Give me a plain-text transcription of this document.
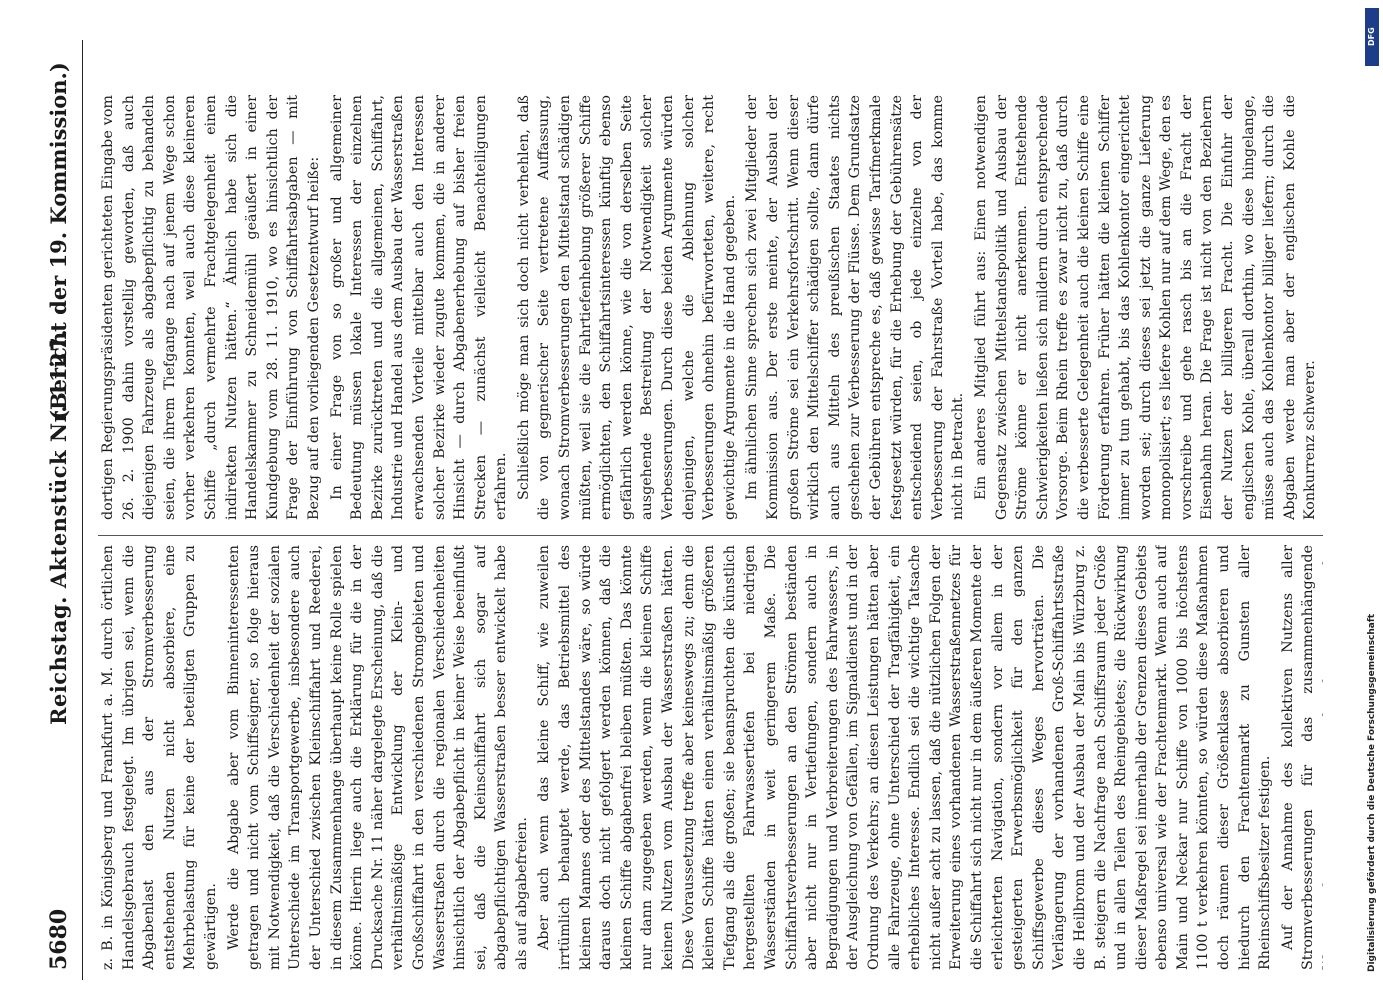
5680
Reichstag. Aktenstück Nr. 1127.
(Bericht der 19. Kommission.)

z. B. in Königsberg und Frankfurt a. M. durch örtlichen Handelsgebrauch festgelegt. Im übrigen sei, wenn die Abgabenlast den aus der Stromverbesserung entstehenden Nutzen nicht absorbiere, eine Mehrbelastung für keine der beteiligten Gruppen zu gewärtigen. Werde die Abgabe aber vom Binneninteressenten getragen und nicht vom Schiffseigner, so folge hieraus mit Notwendigkeit, daß die Verschiedenheit der sozialen Unterschiede im Transportgewerbe, insbesondere auch der Unterschied zwischen Kleinschiffahrt und Reederei, in diesem Zusammenhange überhaupt keine Rolle spielen könne. Hierin liege auch die Erklärung für die in der Drucksache Nr. 11 näher dargelegte Erscheinung, daß die verhältnismäßige Entwicklung der Klein- und Großschiffahrt in den verschiedenen Stromgebieten und Wasserstraßen durch die regionalen Verschiedenheiten hinsichtlich der Abgabepflicht in keiner Weise beeinflußt sei, daß die Kleinschiffahrt sich sogar auf abgabepflichtigen Wasserstraßen besser entwickelt habe als auf abgabefreien. Aber auch wenn das kleine Schiff, wie zuweilen irrtümlich behauptet werde, das Betriebsmittel des kleinen Mannes oder des Mittelstandes wäre, so würde daraus doch nicht gefolgert werden können, daß die kleinen Schiffe abgabenfrei bleiben müßten. Das könnte nur dann zugegeben werden, wenn die kleinen Schiffe keinen Nutzen vom Ausbau der Wasserstraßen hätten. Diese Voraussetzung treffe aber keineswegs zu; denn die kleinen Schiffe hätten einen verhältnismäßig größeren Tiefgang als die großen; sie beanspruchten die künstlich hergestellten Fahrwassertiefen bei niedrigen Wasserständen in weit geringerem Maße. Die Schiffahrtsverbesserungen an den Strömen beständen aber nicht nur in Vertiefungen, sondern auch in Begradigungen und Verbreiterungen des Fahrwassers, in der Ausgleichung von Gefällen, im Signaldienst und in der Ordnung des Verkehrs; an diesen Leistungen hätten aber alle Fahrzeuge, ohne Unterschied der Tragfähigkeit, ein erhebliches Interesse. Endlich sei die wichtige Tatsache nicht außer acht zu lassen, daß die nützlichen Folgen der Erweiterung eines vorhandenen Wasserstraßennetzes für die Schiffahrt sich nicht nur in dem äußeren Momente der erleichterten Navigation, sondern vor allem in der gesteigerten Erwerbsmöglichkeit für den ganzen Schiffsgewerbe dieses Weges hervorträten. Die Verlängerung der vorhandenen Groß-Schiffahrtsstraße die Heilbronn und der Ausbau der Main bis Würzburg z. B. steigern die Nachfrage nach Schiffsraum jeder Größe und in allen Teilen des Rheingebietes; die Rückwirkung dieser Maßregel sei innerhalb der Grenzen dieses Gebiets ebenso universal wie der Frachtenmarkt. Wenn auch auf Main und Neckar nur Schiffe von 1000 bis höchstens 1100 t verkehren könnten, so würden diese Maßnahmen doch räumen dieser Größenklasse absorbieren und hiedurch den Frachtenmarkt zu Gunsten aller Rheinschiffsbesitzer festigen. Auf der Annahme des kollektiven Nutzens aller Stromverbesserungen für das zusammenhängende

dortigen Regierungspräsidenten gerichteten Eingabe vom 26. 2. 1900 dahin vorstellig geworden, daß auch diejenigen Fahrzeuge als abgabepflichtig zu behandeln seien, die ihrem Tiefgange nach auf jenem Wege schon vorher verkehren konnten, weil auch diese kleineren Schiffe „durch vermehrte Frachtgelegenheit einen indirekten Nutzen hätten.“ Ähnlich habe sich die Handelskammer zu Schneidemühl geäußert in einer Kundgebung vom 28. 11. 1910, wo es hinsichtlich der Frage der Einführung von Schiffahrtsabgaben — mit Bezug auf den vorliegenden Gesetzentwurf heiße: In einer Frage von so großer und allgemeiner Bedeutung müssen lokale Interessen der einzelnen Bezirke zurücktreten und die allgemeinen, Schiffahrt, Industrie und Handel aus dem Ausbau der Wasserstraßen erwachsenden Vorteile mittelbar auch den Interessen solcher Bezirke wieder zugute kommen, die in anderer Hinsicht — durch Abgabenerhebung auf bisher freien Strecken — zunächst vielleicht Benachteiligungen erfahren. Schließlich möge man sich doch nicht verhehlen, daß die von gegnerischer Seite vertretene Auffassung, wonach Stromverbesserungen den Mittelstand schädigen müßten, weil sie die Fahrtiefenhebung größerer Schiffe ermöglichten, den Schiffahrtsinteressen künftig ebenso gefährlich werden könne, wie die von derselben Seite ausgehende Bestreitung der Notwendigkeit solcher Verbesserungen. Durch diese beiden Argumente würden denjenigen, welche die Ablehnung solcher Verbesserungen ohnehin befürworteten, weitere, recht gewichtige Argumente in die Hand gegeben. Im ähnlichen Sinne sprechen sich zwei Mitglieder der Kommission aus. Der erste meinte, der Ausbau der großen Ströme sei ein Verkehrsfortschritt. Wenn dieser wirklich den Mittelschiffer schädigen sollte, dann dürfe auch aus Mitteln des preußischen Staates nichts geschehen zur Verbesserung der Flüsse. Dem Grundsatze der Gebühren entspreche es, daß gewisse Tarifmerkmale festgesetzt würden, für die Erhebung der Gebührensätze entscheidend seien, ob jede einzelne von der Verbesserung der Fahrstraße Vorteil habe, das komme nicht in Betracht. Ein anderes Mitglied führt aus: Einen notwendigen Gegensatz zwischen Mittelstandspolitik und Ausbau der Ströme könne er nicht anerkennen. Entstehende Schwierigkeiten ließen sich mildern durch entsprechende Vorsorge. Beim Rhein treffe es zwar nicht zu, daß durch die verbesserte Gelegenheit auch die kleinen Schiffe eine Förderung erfahren. Früher hätten die kleinen Schiffer immer zu tun gehabt, bis das Kohlenkontor eingerichtet worden sei; durch dieses sei jetzt die ganze Lieferung monopolisiert; es liefere Kohlen nur auf dem Wege, den es vorschreibe und gehe rasch bis an die Fracht der Eisenbahn heran. Die Frage ist nicht von den Beziehern der Nutzen der billigeren Fracht. Die Einfuhr der englischen Kohle, überall dorthin, wo diese hingelange, müsse auch das Kohlenkontor billiger liefern; durch die Abgaben werde man aber der englischen Kohle die Konkurrenz schwerer.

DFG
Digitalisierung gefördert durch die Deutsche Forschungsgemeinschaft
